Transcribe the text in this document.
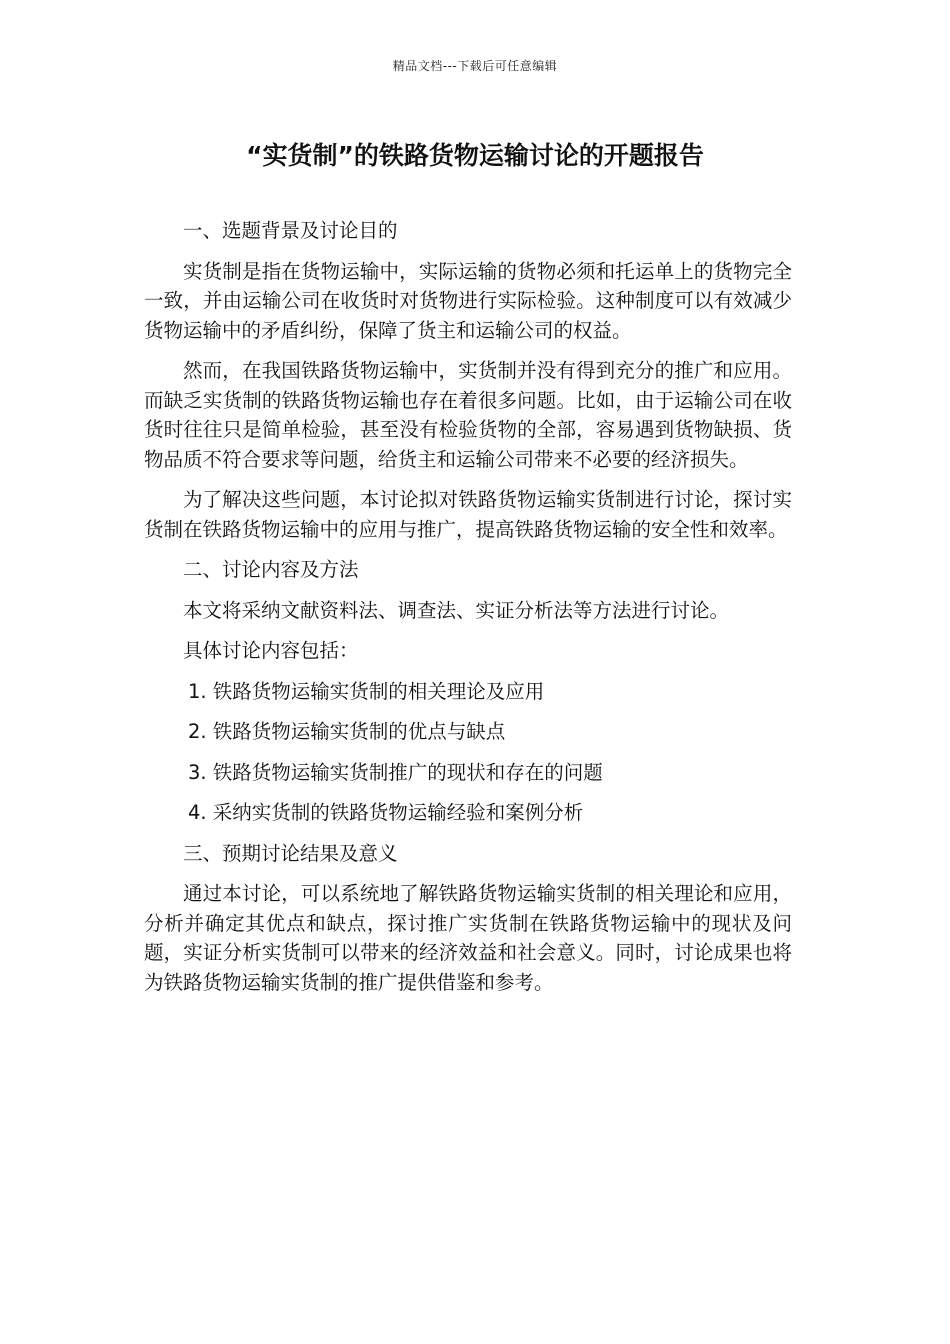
精品文档---下载后可任意编辑
“实货制”的铁路货物运输讨论的开题报告

一、选题背景及讨论目的

实货制是指在货物运输中，实际运输的货物必须和托运单上的货物完全一致，并由运输公司在收货时对货物进行实际检验。这种制度可以有效减少货物运输中的矛盾纠纷，保障了货主和运输公司的权益。

然而，在我国铁路货物运输中，实货制并没有得到充分的推广和应用。而缺乏实货制的铁路货物运输也存在着很多问题。比如，由于运输公司在收货时往往只是简单检验，甚至没有检验货物的全部，容易遇到货物缺损、货物品质不符合要求等问题，给货主和运输公司带来不必要的经济损失。

为了解决这些问题，本讨论拟对铁路货物运输实货制进行讨论，探讨实货制在铁路货物运输中的应用与推广，提高铁路货物运输的安全性和效率。

二、讨论内容及方法

本文将采纳文献资料法、调查法、实证分析法等方法进行讨论。

具体讨论内容包括：

1. 铁路货物运输实货制的相关理论及应用

2. 铁路货物运输实货制的优点与缺点

3. 铁路货物运输实货制推广的现状和存在的问题

4. 采纳实货制的铁路货物运输经验和案例分析

三、预期讨论结果及意义

通过本讨论，可以系统地了解铁路货物运输实货制的相关理论和应用，分析并确定其优点和缺点，探讨推广实货制在铁路货物运输中的现状及问题，实证分析实货制可以带来的经济效益和社会意义。同时，讨论成果也将为铁路货物运输实货制的推广提供借鉴和参考。
